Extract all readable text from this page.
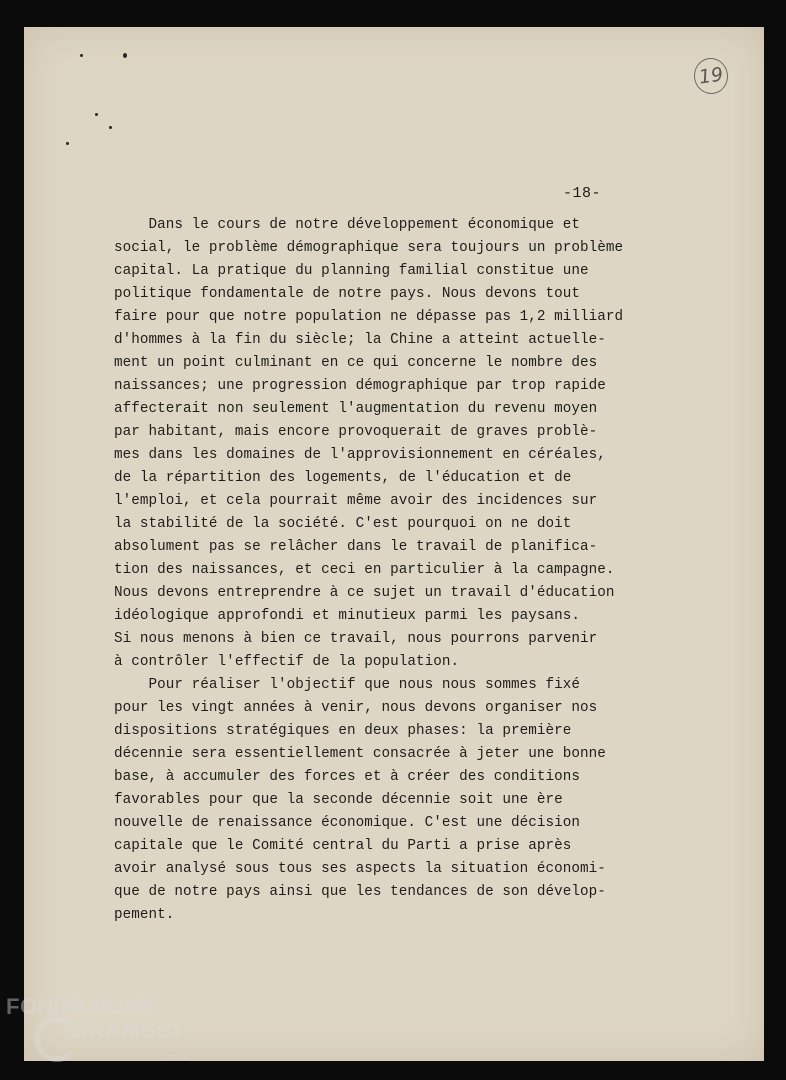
19
-18-
Dans le cours de notre développement économique et
social, le problème démographique sera toujours un problème
capital. La pratique du planning familial constitue une
politique fondamentale de notre pays. Nous devons tout
faire pour que notre population ne dépasse pas 1,2 milliard
d'hommes à la fin du siècle; la Chine a atteint actuelle-
ment un point culminant en ce qui concerne le nombre des
naissances; une progression démographique par trop rapide
affecterait non seulement l'augmentation du revenu moyen
par habitant, mais encore provoquerait de graves problè-
mes dans les domaines de l'approvisionnement en céréales,
de la répartition des logements, de l'éducation et de
l'emploi, et cela pourrait même avoir des incidences sur
la stabilité de la société. C'est pourquoi on ne doit
absolument pas se relâcher dans le travail de planifica-
tion des naissances, et ceci en particulier à la campagne.
Nous devons entreprendre à ce sujet un travail d'éducation
idéologique approfondi et minutieux parmi les paysans.
Si nous menons à bien ce travail, nous pourrons parvenir
à contrôler l'effectif de la population.
Pour réaliser l'objectif que nous nous sommes fixé
pour les vingt années à venir, nous devons organiser nos
dispositions stratégiques en deux phases: la première
décennie sera essentiellement consacrée à jeter une bonne
base, à accumuler des forces et à créer des conditions
favorables pour que la seconde décennie soit une ère
nouvelle de renaissance économique. C'est une décision
capitale que le Comité central du Parti a prise après
avoir analysé sous tous ses aspects la situation économi-
que de notre pays ainsi que les tendances de son dévelop-
pement.
FONDAZIONE
GRAMSCI
onlus
